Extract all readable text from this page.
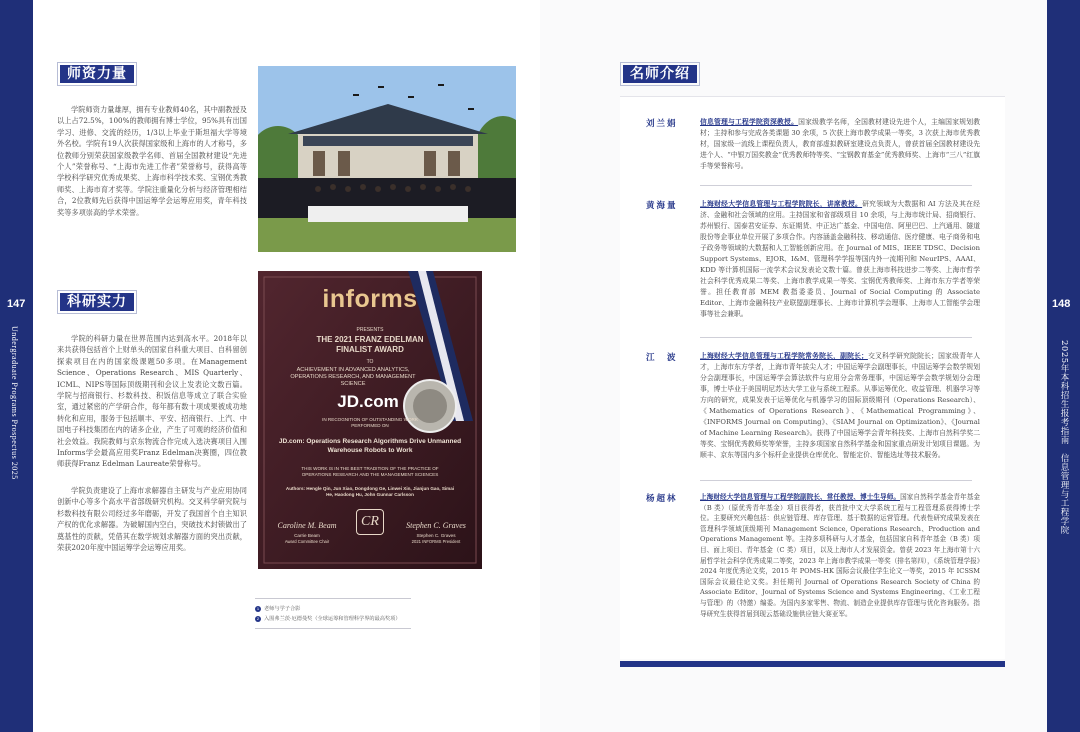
147
Undergraduate Programs Prospectus 2025
148
2025年本科招生报考指南　信息管理与工程学院
师资力量
学院师资力量雄厚，拥有专业教师40名，其中副教授及以上占72.5%，100%的教师拥有博士学位，95%具有出国学习、进修、交流的经历，1/3以上毕业于斯坦福大学等境外名校。学院有19人次获得国家级和上海市的人才称号，多位教师分别荣获国家级教学名师、首届全国教材建设“先进个人”荣誉称号、“上海市先进工作者”荣誉称号，获得高等学校科学研究优秀成果奖、上海市科学技术奖、宝钢优秀教师奖、上海市育才奖等。学院注重量化分析与经济管理相结合，2位教师先后获得中国运筹学会运筹应用奖，青年科技奖等多项崇高的学术荣誉。
科研实力
学院的科研力量在世界范围内达到高水平。2018年以来共获得包括首个上财单头的国家自科重大项目、自科留创探索项目在内的国家级课题50多项。在Management Science、Operations Research、MIS Quarterly、ICML、NIPS等国际顶级期刊和会议上发表论文数百篇。学院与招商银行、杉数科技、积饭信息等成立了联合实验室，通过紧密的产学研合作，每年都有数十项成果被成功地转化和应用，服务于包括顺丰、平安、招商银行、上汽、中国电子科技集团在内的诸多企业，产生了可观的经济价值和社会效益。我院教师与京东物流合作完成入选决赛项目入围Informs学会最高应用奖Franz Edelman决赛圈，四位教师获得Franz Edelman Laureate荣誉称号。
学院负责建设了上海市求解器自主研发与产业应用协同创新中心等多个高水平省部级研究机构。交叉科学研究院与杉数科技有限公司经过多年磨砺，开发了我国首个自主知识产权的优化求解器。为破解国内空白，突破技术封锁做出了奠基性的贡献，凭借其在数学规划求解器方面的突出贡献，荣获2020年度中国运筹学会运筹应用奖。
informs
PRESENTS
THE 2021 FRANZ EDELMAN FINALIST AWARD
TO
ACHIEVEMENT IN ADVANCED ANALYTICS, OPERATIONS RESEARCH, AND MANAGEMENT SCIENCE
JD.com
IN RECOGNITION OF OUTSTANDING WORK PERFORMED ON
JD.com: Operations Research Algorithms Drive Unmanned Warehouse Robots to Work
THIS WORK IS IN THE BEST TRADITION OF THE PRACTICE OF OPERATIONS RESEARCH AND THE MANAGEMENT SCIENCES
Authors: Hengle Qin, Jun Xiao, Dongdong Ge, Linwei Xin, Jianjun Gao, Simai He, Haodong Hu, John Gunnar Carlsson
CR
Caroline M. Beam
Carrie Beam
Award Committee Chair
Stephen C. Graves
Stephen C. Graves
2021 INFORMS President
1 老师与学子合影
2 入围弗兰茨·厄德曼奖（全球运筹和管理科学界的最高奖项）
名师介绍
刘兰娟	信息管理与工程学院资深教授。国家级教学名师，全国教材建设先进个人，主编国家规划教材；主持和参与完成各类课题 30 余项，5 次获上海市教学成果一等奖，3 次获上海市优秀教材，国家级一流线上课程负责人，教育部虚拟教研室建设点负责人，曾获首届全国教材建设先进个人、“中银万国奖教金”优秀教师特等奖、“宝钢教育基金”优秀教师奖、上海市“三八”红旗手等荣誉称号。
黄海量	上海财经大学信息管理与工程学院院长，讲席教授。研究领域为大数据和 AI 方法及其在经济、金融和社会领域的应用。主持国家和省部级项目 10 余项，与上海市统计局、招商银行、苏州银行、国泰君安证券、东证期货、中正达广基金、中国电信、阿里巴巴、上汽通用、隧道股份等企事业单位开展了多项合作。内容涵盖金融科技、移动通信、医疗健康、电子商务和电子政务等领域的大数据和人工智能创新应用。在 Journal of MIS、IEEE TDSC、Decision Support Systems、EJOR、I&M、管理科学学报等国内外一流期刊和 NeurIPS、AAAI、KDD 等计算机国际一流学术会议发表论文数十篇。曾获上海市科技进步二等奖、上海市哲学社会科学优秀成果二等奖、上海市教学成果一等奖、宝钢优秀教师奖、上海市东方学者等荣誉。担任教育部 MEM 教指委委员、Journal of Social Computing 的 Associate Editor、上海市金融科技产业联盟副理事长、上海市计算机学会理事、上海市人工智能学会理事等社会兼职。
江　波	上海财经大学信息管理与工程学院常务院长，副院长；交叉科学研究院院长；国家级青年人才，上海市东方学者，上海市青年拔尖人才；中国运筹学会副理事长，中国运筹学会数学规划分会副理事长，中国运筹学会算法软件与应用分会常务理事，中国运筹学会数学规划分会理事，博士毕业于美国明尼苏达大学工业与系统工程系。从事运筹优化、收益管理、机器学习等方向的研究，成果发表于运筹优化与机器学习的国际顶级期刊（Operations Research）、《Mathematics of Operations Research》、《Mathematical Programming》、《INFORMS Journal on Computing》、《SIAM Journal on Optimization》、《Journal of Machine Learning Research》。获得了中国运筹学会青年科技奖、上海市自然科学奖二等奖、宝钢优秀教师奖等荣誉，主持多项国家自然科学基金和国家重点研发计划项目课题。为顺丰、京东等国内多个标杆企业提供仓库优化、智能定价、智能选址等技术服务。
杨超林	上海财经大学信息管理与工程学院副院长、常任教授、博士生导师。国家自然科学基金青年基金（B 类）（原优秀青年基金）项目获得者，获首批中文大学系统工程与工程管理系获得博士学位。主要研究兴趣包括：供应链管理、库存管理、基于数据的运营管理。代表性研究成果发表在管理科学领域顶级期刊 Management Science, Operations Research、Production and Operations Management 等。主持多项科研与人才基金，包括国家自科青年基金（B 类）项目、面上项目、青年基金（C 类）项目，以及上海市人才发展资金。曾获 2023 年上海市第十六届哲学社会科学优秀成果二等奖，2023 年上海市教学成果一等奖（排名第四），《系统管理学报》2024 年度优秀论文奖，2015 年 POMS-HK 国际会议最佳学生论文一等奖，2015 年 ICSSM 国际会议最佳论文奖。担任期刊 Journal of Operations Research Society of China 的 Associate Editor、Journal of Systems Science and Systems Engineering、《工业工程与管理》的（特邀）编委。为国内多家零售、物流、制造企业提供库存管理与优化咨询服务。指导研究生获得首届到现云基础设施供应链大赛亚军。
